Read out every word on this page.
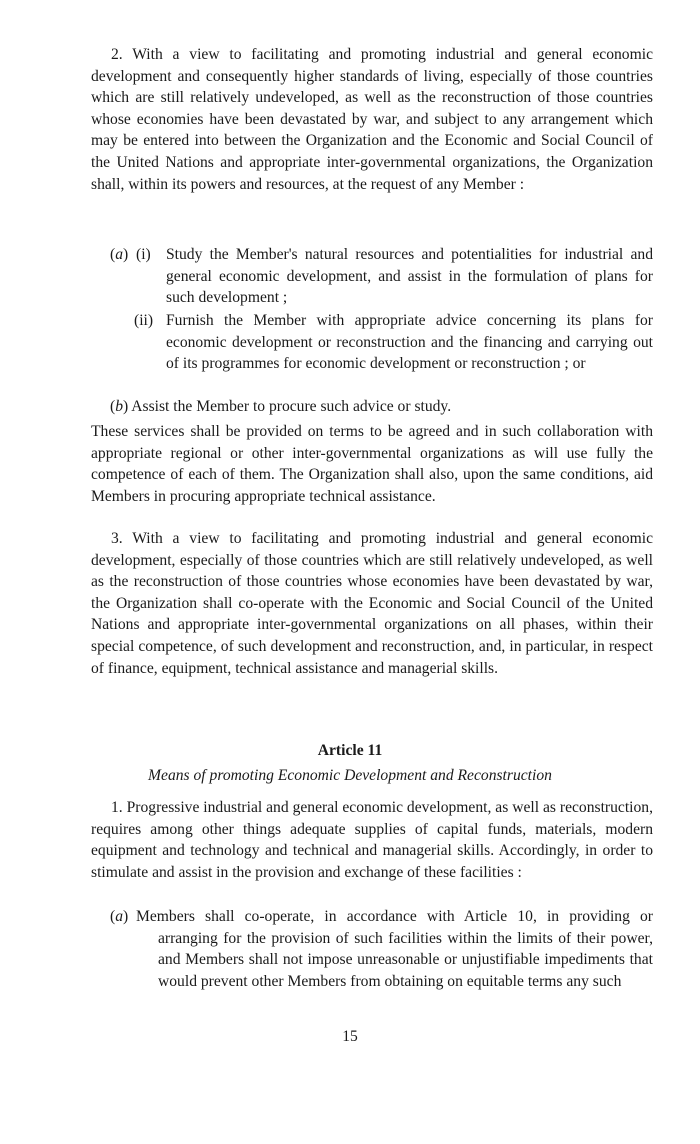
2. With a view to facilitating and promoting industrial and general economic development and consequently higher standards of living, especially of those countries which are still relatively undeveloped, as well as the reconstruction of those countries whose economies have been devastated by war, and subject to any arrangement which may be entered into between the Organization and the Economic and Social Council of the United Nations and appropriate inter-governmental organizations, the Organization shall, within its powers and resources, at the request of any Member :

(a) (i) Study the Member's natural resources and potentialities for industrial and general economic development, and assist in the formulation of plans for such development ;

(ii) Furnish the Member with appropriate advice concerning its plans for economic development or reconstruction and the financing and carrying out of its programmes for economic development or reconstruction ; or

(b) Assist the Member to procure such advice or study.

These services shall be provided on terms to be agreed and in such collaboration with appropriate regional or other inter-governmental organizations as will use fully the competence of each of them. The Organization shall also, upon the same conditions, aid Members in procuring appropriate technical assistance.

3. With a view to facilitating and promoting industrial and general economic development, especially of those countries which are still relatively undeveloped, as well as the reconstruction of those countries whose economies have been devastated by war, the Organization shall co-operate with the Economic and Social Council of the United Nations and appropriate inter-governmental organizations on all phases, within their special competence, of such development and reconstruction, and, in particular, in respect of finance, equipment, technical assistance and managerial skills.

Article 11
Means of promoting Economic Development and Reconstruction

1. Progressive industrial and general economic development, as well as reconstruction, requires among other things adequate supplies of capital funds, materials, modern equipment and technology and technical and managerial skills. Accordingly, in order to stimulate and assist in the provision and exchange of these facilities :

(a) Members shall co-operate, in accordance with Article 10, in providing or arranging for the provision of such facilities within the limits of their power, and Members shall not impose unreasonable or unjustifiable impediments that would prevent other Members from obtaining on equitable terms any such

15
